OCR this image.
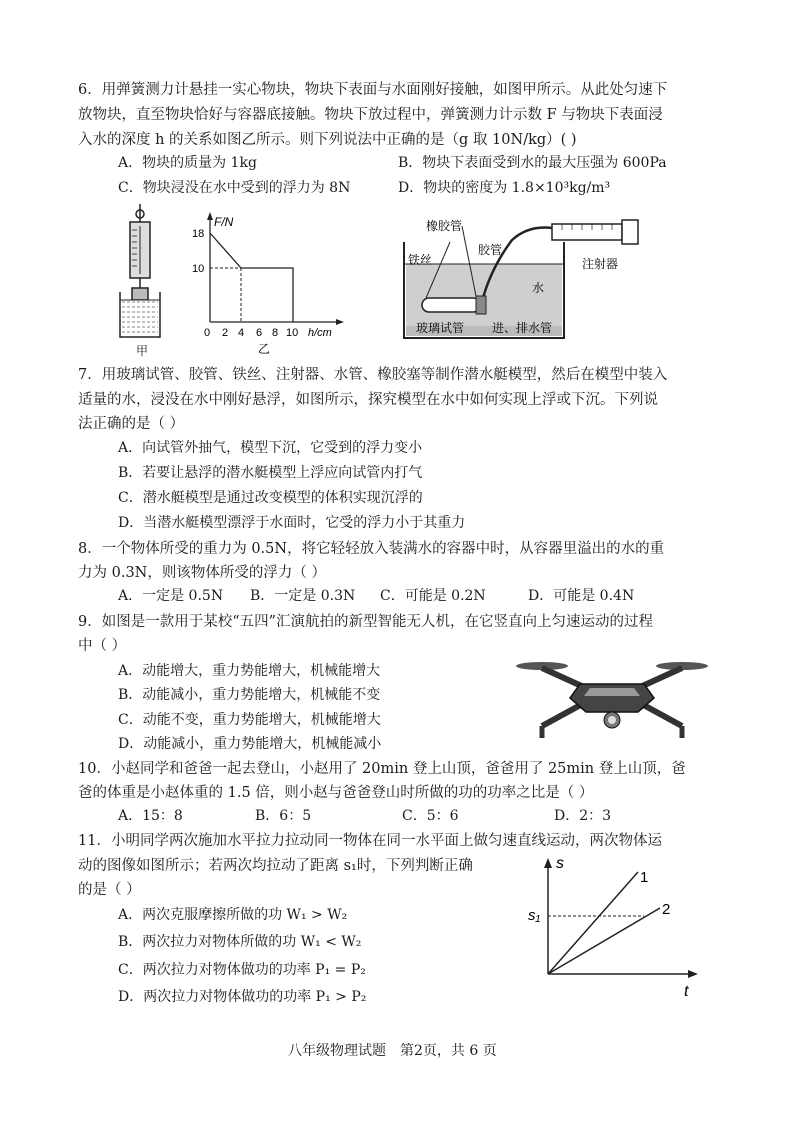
6．用弹簧测力计悬挂一实心物块，物块下表面与水面刚好接触，如图甲所示。从此处匀速下
放物块，直至物块恰好与容器底接触。物块下放过程中，弹簧测力计示数 F 与物块下表面浸
入水的深度 h 的关系如图乙所示。则下列说法中正确的是（g 取 10N/kg）( )
A．物块的质量为 1kg	B．物块下表面受到水的最大压强为 600Pa
C．物块浸没在水中受到的浮力为 8N	D．物块的密度为 1.8×10³kg/m³
甲
F/N
18
10
0 2 4 6 8 10 h/cm
乙
橡胶管
胶管
铁丝
水
注射器
玻璃试管 进、排水管
7．用玻璃试管、胶管、铁丝、注射器、水管、橡胶塞等制作潜水艇模型，然后在模型中装入
适量的水，浸没在水中刚好悬浮，如图所示，探究模型在水中如何实现上浮或下沉。下列说
法正确的是（ ）
A．向试管外抽气，模型下沉，它受到的浮力变小
B．若要让悬浮的潜水艇模型上浮应向试管内打气
C．潜水艇模型是通过改变模型的体积实现沉浮的
D．当潜水艇模型漂浮于水面时，它受的浮力小于其重力
8．一个物体所受的重力为 0.5N，将它轻轻放入装满水的容器中时，从容器里溢出的水的重
力为 0.3N，则该物体所受的浮力（ ）
A．一定是 0.5N B．一定是 0.3N C．可能是 0.2N	D．可能是 0.4N
9．如图是一款用于某校“五四”汇演航拍的新型智能无人机，在它竖直向上匀速运动的过程
中（ ）
A．动能增大，重力势能增大，机械能增大
B．动能减小，重力势能增大，机械能不变
C．动能不变，重力势能增大，机械能增大
D．动能减小，重力势能增大，机械能减小
10．小赵同学和爸爸一起去登山，小赵用了 20min 登上山顶，爸爸用了 25min 登上山顶，爸
爸的体重是小赵体重的 1.5 倍，则小赵与爸爸登山时所做的功的功率之比是（ ）
A．15：8	B．6：5	C．5：6	D．2：3
11．小明同学两次施加水平拉力拉动同一物体在同一水平面上做匀速直线运动，两次物体运
动的图像如图所示；若两次均拉动了距离 s₁时，下列判断正确
的是（ ）
A．两次克服摩擦所做的功 W₁ > W₂
B．两次拉力对物体所做的功 W₁ < W₂
C．两次拉力对物体做功的功率 P₁ = P₂
D．两次拉力对物体做功的功率 P₁ > P₂
s
t
s₁
1
2
八年级物理试题　第2页，共 6 页
